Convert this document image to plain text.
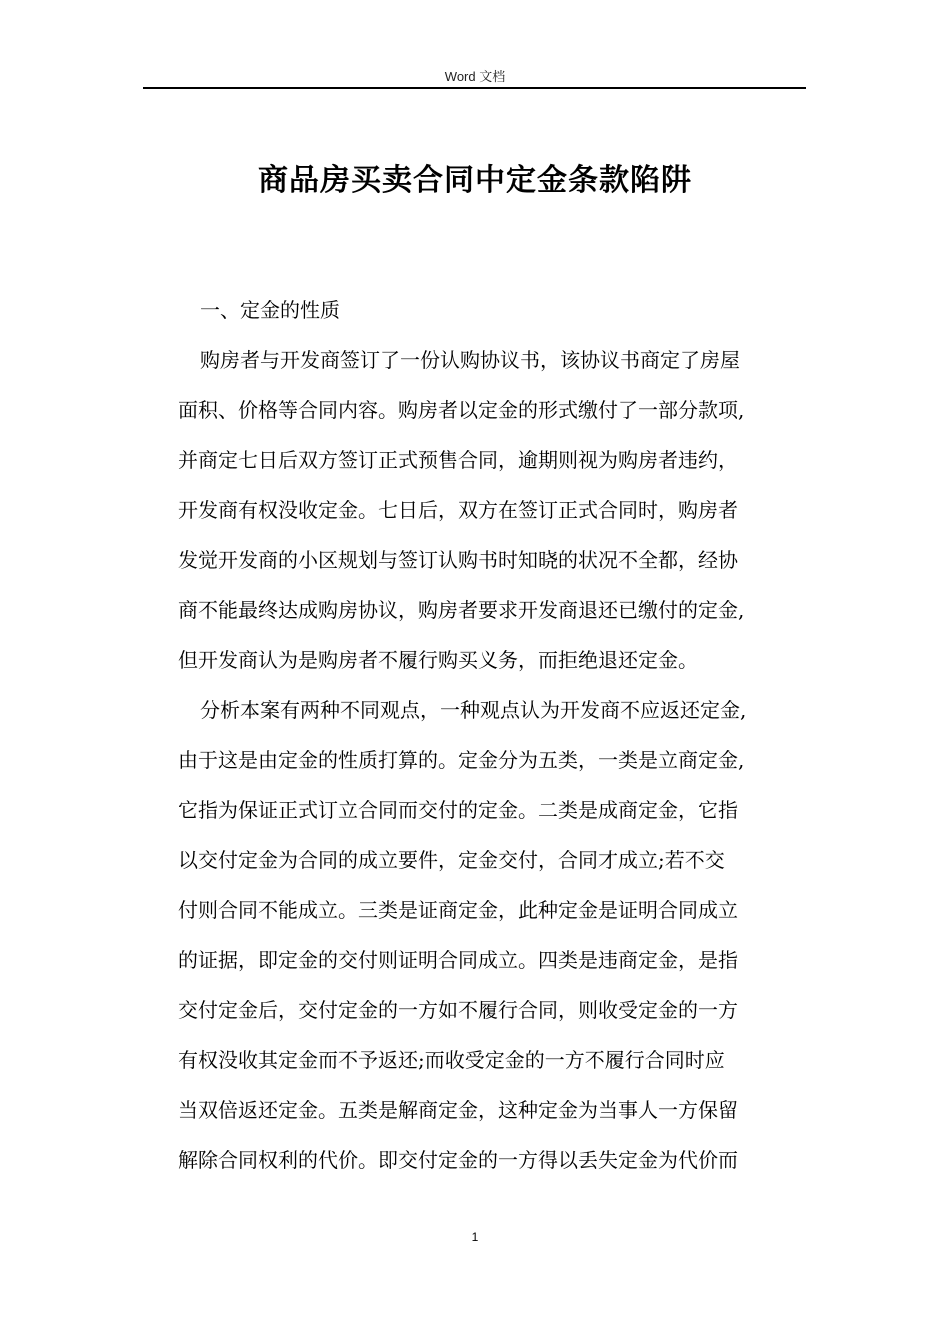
Word 文档
商品房买卖合同中定金条款陷阱
一、定金的性质
购房者与开发商签订了一份认购协议书，该协议书商定了房屋
面积、价格等合同内容。购房者以定金的形式缴付了一部分款项,
并商定七日后双方签订正式预售合同，逾期则视为购房者违约，
开发商有权没收定金。七日后，双方在签订正式合同时，购房者
发觉开发商的小区规划与签订认购书时知晓的状况不全都，经协
商不能最终达成购房协议，购房者要求开发商退还已缴付的定金,
但开发商认为是购房者不履行购买义务，而拒绝退还定金。
分析本案有两种不同观点，一种观点认为开发商不应返还定金,
由于这是由定金的性质打算的。定金分为五类，一类是立商定金,
它指为保证正式订立合同而交付的定金。二类是成商定金，它指
以交付定金为合同的成立要件，定金交付，合同才成立;若不交
付则合同不能成立。三类是证商定金，此种定金是证明合同成立
的证据，即定金的交付则证明合同成立。四类是违商定金，是指
交付定金后，交付定金的一方如不履行合同，则收受定金的一方
有权没收其定金而不予返还;而收受定金的一方不履行合同时应
当双倍返还定金。五类是解商定金，这种定金为当事人一方保留
解除合同权利的代价。即交付定金的一方得以丢失定金为代价而
1
